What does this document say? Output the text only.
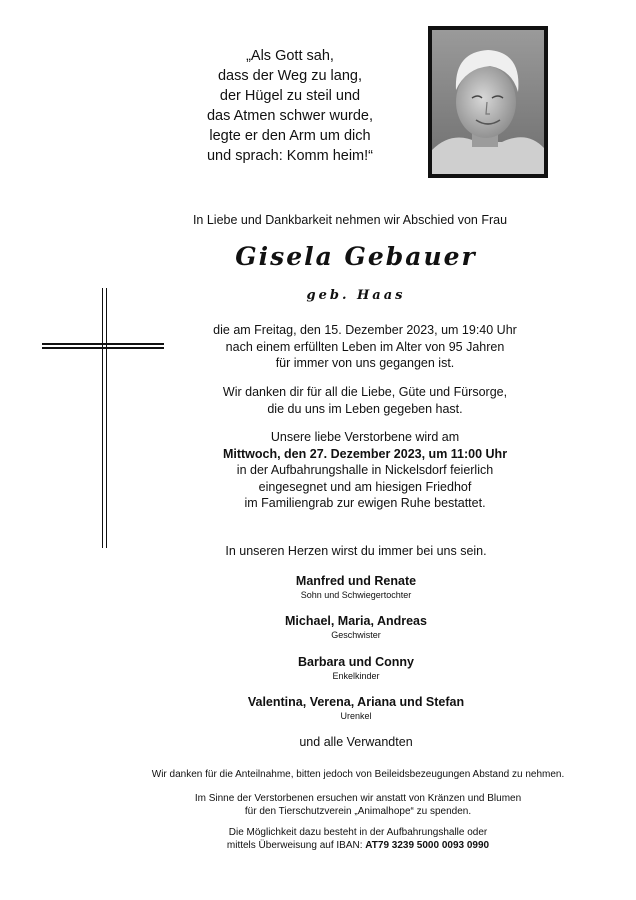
„Als Gott sah,
dass der Weg zu lang,
der Hügel zu steil und
das Atmen schwer wurde,
legte er den Arm um dich
und sprach: Komm heim!“
In Liebe und Dankbarkeit nehmen wir Abschied von Frau
Gisela Gebauer
geb. Haas
die am Freitag, den 15. Dezember 2023, um 19:40 Uhr
nach einem erfüllten Leben im Alter von 95 Jahren
für immer von uns gegangen ist.
Wir danken dir für all die Liebe, Güte und Fürsorge,
die du uns im Leben gegeben hast.
Unsere liebe Verstorbene wird am
Mittwoch, den 27. Dezember 2023, um 11:00 Uhr
in der Aufbahrungshalle in Nickelsdorf feierlich
eingesegnet und am hiesigen Friedhof
im Familiengrab zur ewigen Ruhe bestattet.
In unseren Herzen wirst du immer bei uns sein.
Manfred und Renate
Sohn und Schwiegertochter
Michael, Maria, Andreas
Geschwister
Barbara und Conny
Enkelkinder
Valentina, Verena, Ariana und Stefan
Urenkel
und alle Verwandten
Wir danken für die Anteilnahme, bitten jedoch von Beileidsbezeugungen Abstand zu nehmen.
Im Sinne der Verstorbenen ersuchen wir anstatt von Kränzen und Blumen
für den Tierschutzverein „Animalhope“ zu spenden.
Die Möglichkeit dazu besteht in der Aufbahrungshalle oder
mittels Überweisung auf IBAN: AT79 3239 5000 0093 0990
